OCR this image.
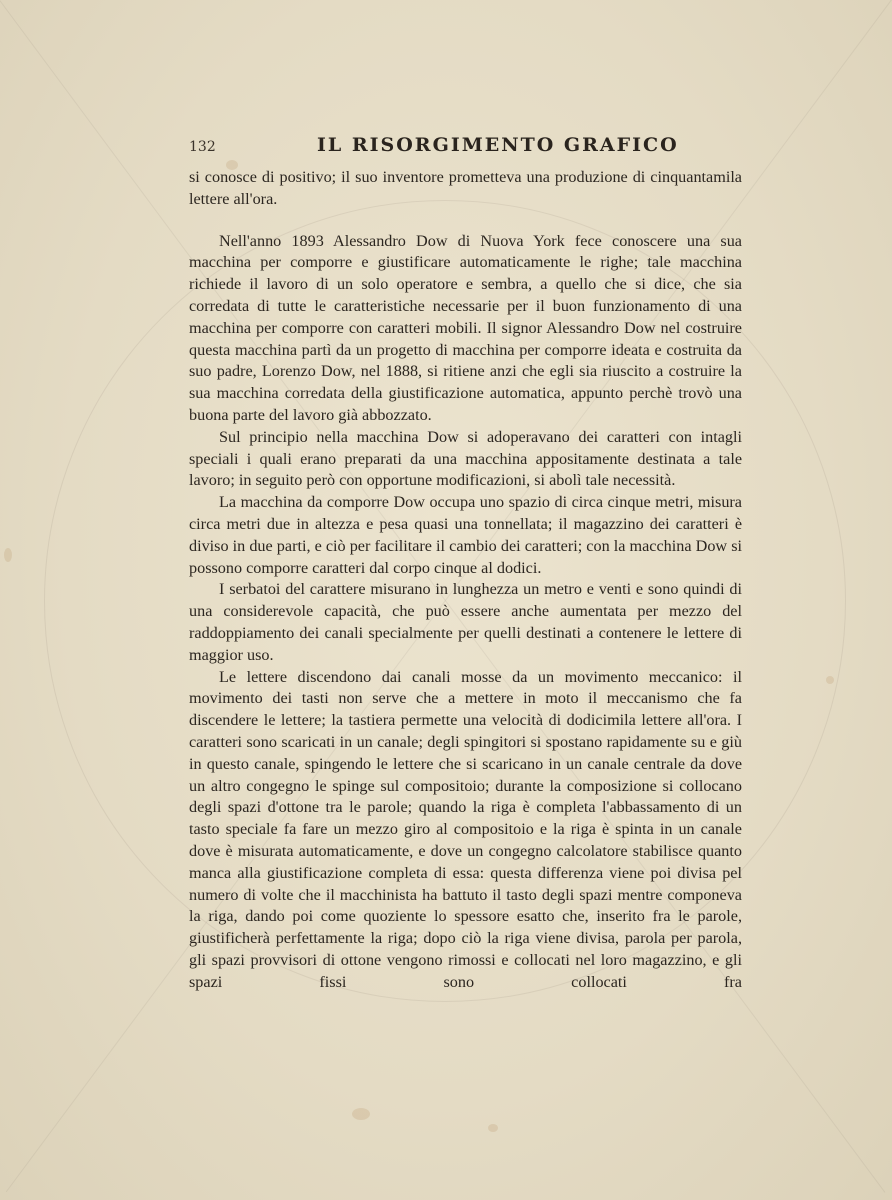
132	IL RISORGIMENTO GRAFICO

si conosce di positivo; il suo inventore prometteva una produzione di cinquantamila lettere all'ora.

Nell'anno 1893 Alessandro Dow di Nuova York fece conoscere una sua macchina per comporre e giustificare automaticamente le righe; tale macchina richiede il lavoro di un solo operatore e sembra, a quello che si dice, che sia corredata di tutte le caratteristiche necessarie per il buon funzionamento di una macchina per comporre con caratteri mobili. Il signor Alessandro Dow nel costruire questa macchina partì da un progetto di macchina per comporre ideata e costruita da suo padre, Lorenzo Dow, nel 1888, si ritiene anzi che egli sia riuscito a costruire la sua macchina corredata della giustificazione automatica, appunto perchè trovò una buona parte del lavoro già abbozzato.

Sul principio nella macchina Dow si adoperavano dei caratteri con intagli speciali i quali erano preparati da una macchina appositamente destinata a tale lavoro; in seguito però con opportune modificazioni, si abolì tale necessità.

La macchina da comporre Dow occupa uno spazio di circa cinque metri, misura circa metri due in altezza e pesa quasi una tonnellata; il magazzino dei caratteri è diviso in due parti, e ciò per facilitare il cambio dei caratteri; con la macchina Dow si possono comporre caratteri dal corpo cinque al dodici.

I serbatoi del carattere misurano in lunghezza un metro e venti e sono quindi di una considerevole capacità, che può essere anche aumentata per mezzo del raddoppiamento dei canali specialmente per quelli destinati a contenere le lettere di maggior uso.

Le lettere discendono dai canali mosse da un movimento meccanico: il movimento dei tasti non serve che a mettere in moto il meccanismo che fa discendere le lettere; la tastiera permette una velocità di dodicimila lettere all'ora. I caratteri sono scaricati in un canale; degli spingitori si spostano rapidamente su e giù in questo canale, spingendo le lettere che si scaricano in un canale centrale da dove un altro congegno le spinge sul compositoio; durante la composizione si collocano degli spazi d'ottone tra le parole; quando la riga è completa l'abbassamento di un tasto speciale fa fare un mezzo giro al compositoio e la riga è spinta in un canale dove è misurata automaticamente, e dove un congegno calcolatore stabilisce quanto manca alla giustificazione completa di essa: questa differenza viene poi divisa pel numero di volte che il macchinista ha battuto il tasto degli spazi mentre componeva la riga, dando poi come quoziente lo spessore esatto che, inserito fra le parole, giustificherà perfettamente la riga; dopo ciò la riga viene divisa, parola per parola, gli spazi provvisori di ottone vengono rimossi e collocati nel loro magazzino, e gli spazi fissi sono collocati fra
